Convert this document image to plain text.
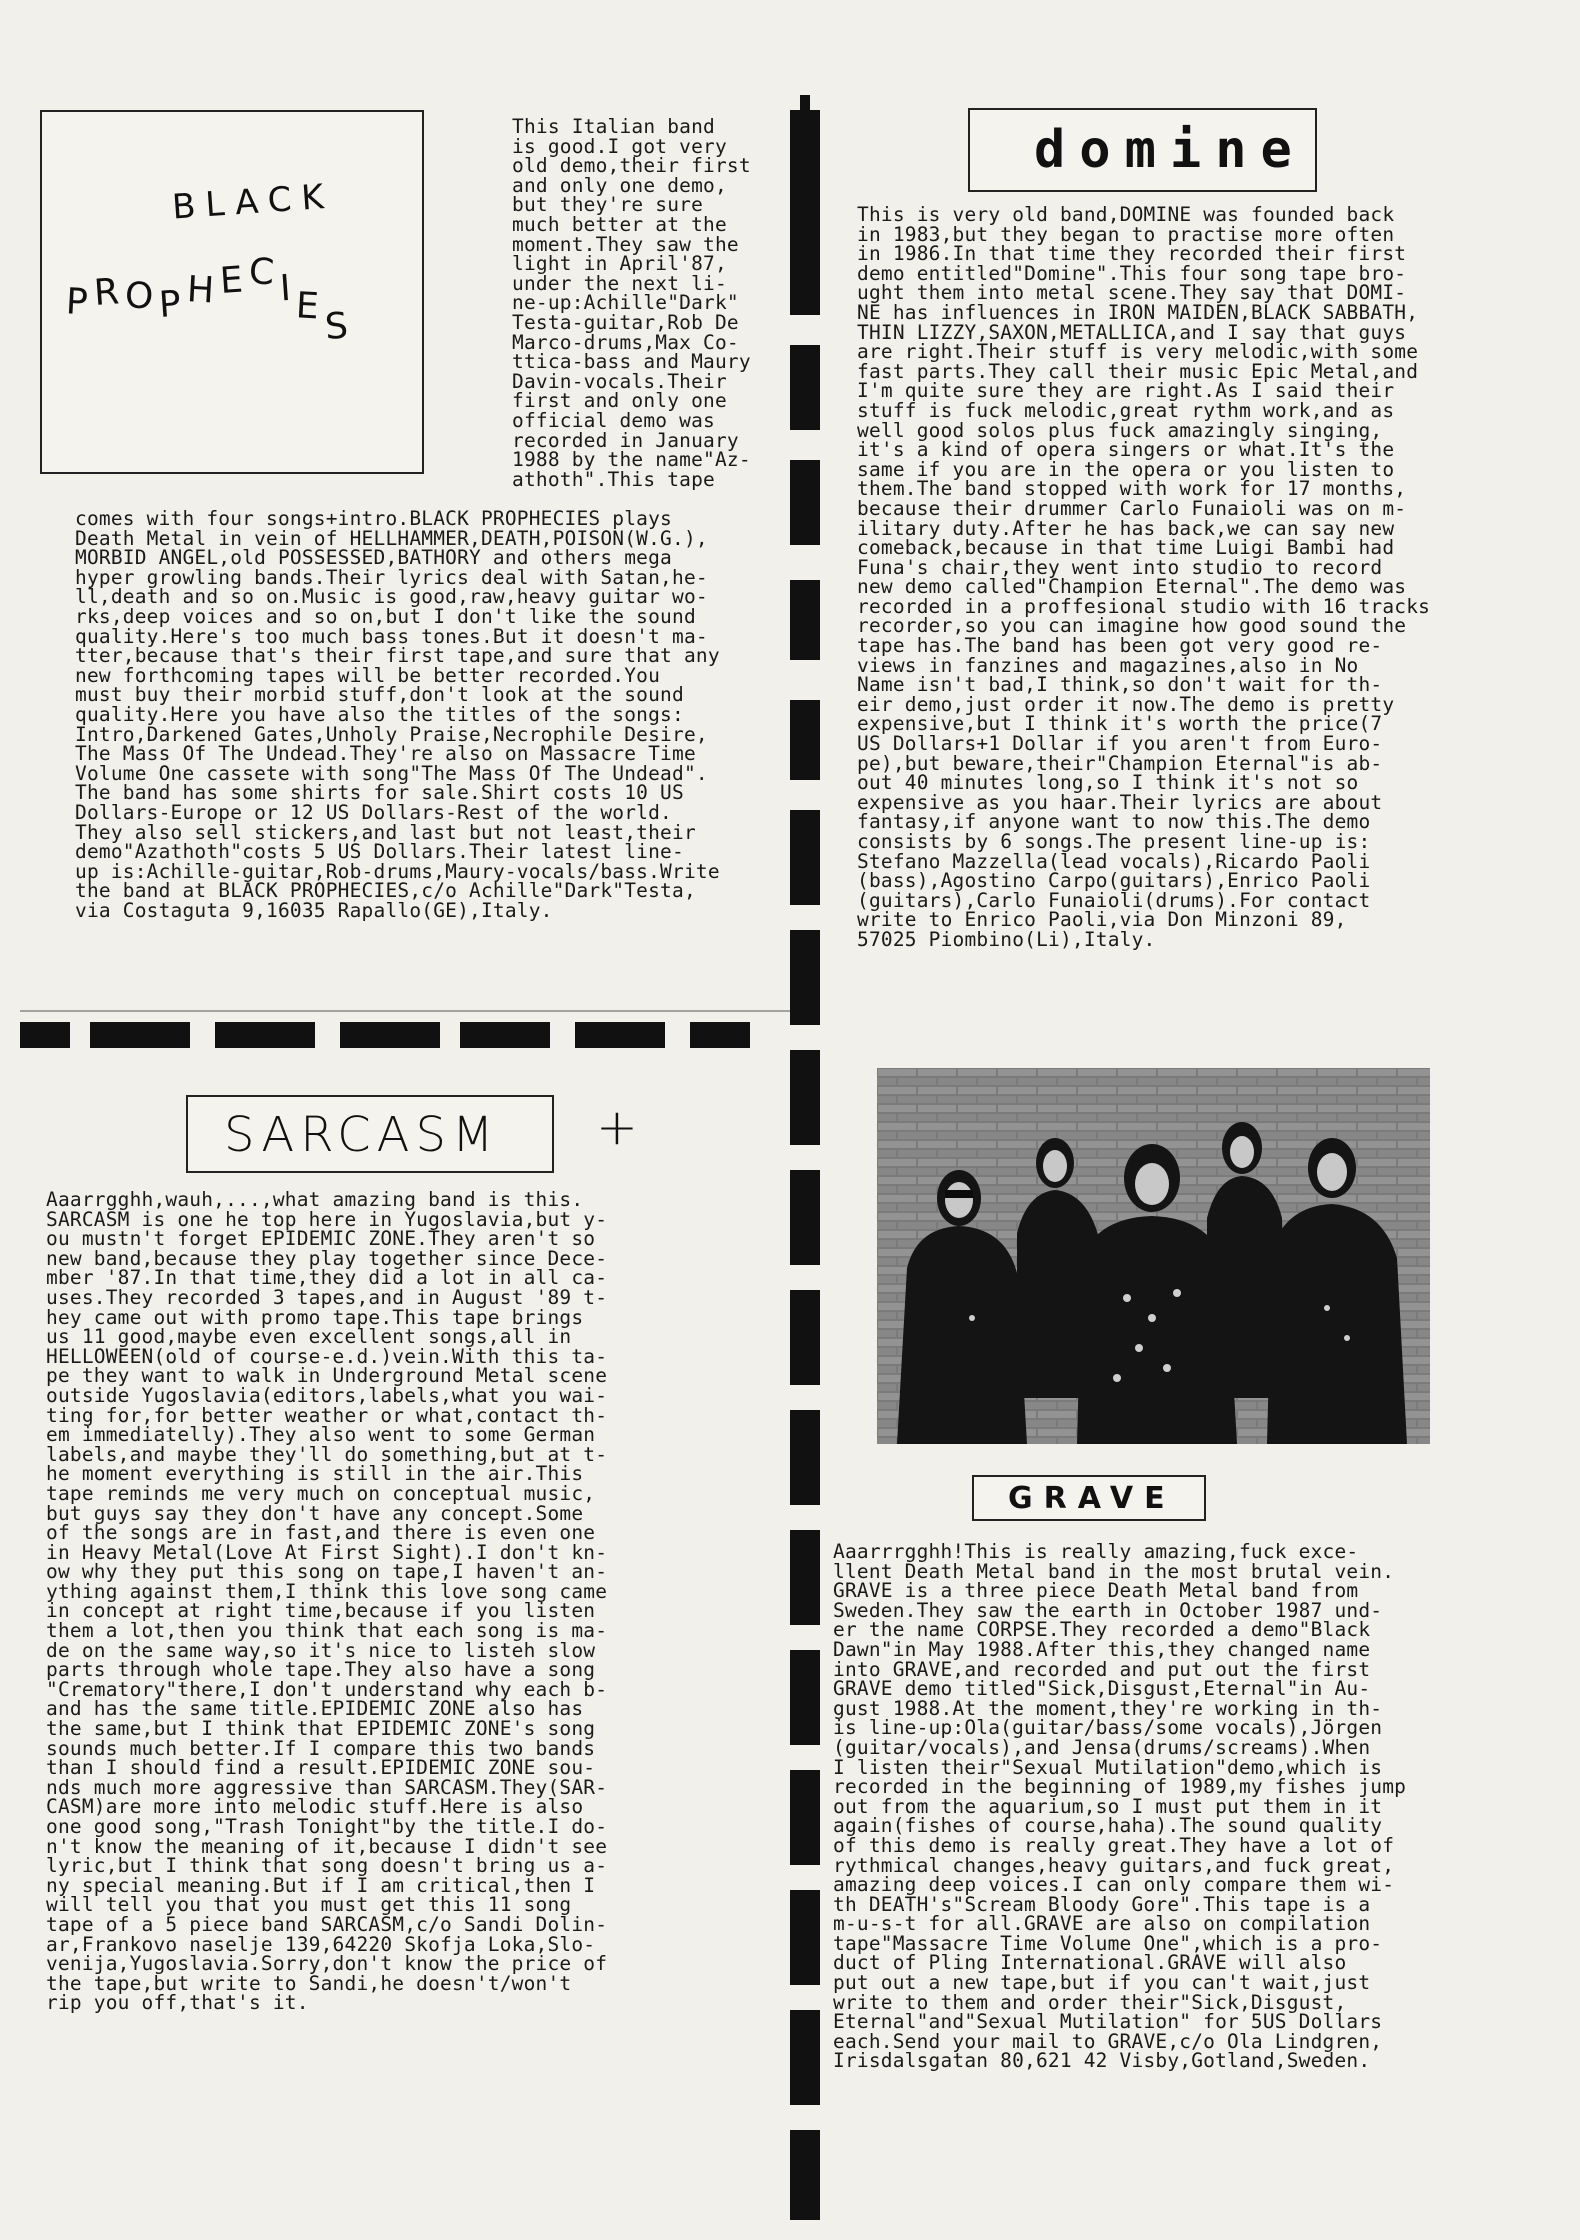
BLACK
PROPHECIES
This Italian band
is good.I got very
old demo,their first
and only one demo,
but they're sure
much better at the
moment.They saw the
light in April'87,
under the next li-
ne-up:Achille"Dark"
Testa-guitar,Rob De
Marco-drums,Max Co-
ttica-bass and Maury
Davin-vocals.Their
first and only one
official demo was
recorded in January
1988 by the name"Az-
athoth".This tape

comes with four songs+intro.BLACK PROPHECIES plays
Death Metal in vein of HELLHAMMER,DEATH,POISON(W.G.),
MORBID ANGEL,old POSSESSED,BATHORY and others mega
hyper growling bands.Their lyrics deal with Satan,he-
ll,death and so on.Music is good,raw,heavy guitar wo-
rks,deep voices and so on,but I don't like the sound
quality.Here's too much bass tones.But it doesn't ma-
tter,because that's their first tape,and sure that any
new forthcoming tapes will be better recorded.You
must buy their morbid stuff,don't look at the sound
quality.Here you have also the titles of the songs:
Intro,Darkened Gates,Unholy Praise,Necrophile Desire,
The Mass Of The Undead.They're also on Massacre Time
Volume One cassete with song"The Mass Of The Undead".
The band has some shirts for sale.Shirt costs 10 US
Dollars-Europe or 12 US Dollars-Rest of the world.
They also sell stickers,and last but not least,their
demo"Azathoth"costs 5 US Dollars.Their latest line-
up is:Achille-guitar,Rob-drums,Maury-vocals/bass.Write
the band at BLACK PROPHECIES,c/o Achille"Dark"Testa,
via Costaguta 9,16035 Rapallo(GE),Italy.

domine
This is very old band,DOMINE was founded back
in 1983,but they began to practise more often
in 1986.In that time they recorded their first
demo entitled"Domine".This four song tape bro-
ught them into metal scene.They say that DOMI-
NE has influences in IRON MAIDEN,BLACK SABBATH,
THIN LIZZY,SAXON,METALLICA,and I say that guys
are right.Their stuff is very melodic,with some
fast parts.They call their music Epic Metal,and
I'm quite sure they are right.As I said their
stuff is fuck melodic,great rythm work,and as
well good solos plus fuck amazingly singing,
it's a kind of opera singers or what.It's the
same if you are in the opera or you listen to
them.The band stopped with work for 17 months,
because their drummer Carlo Funaioli was on m-
ilitary duty.After he has back,we can say new
comeback,because in that time Luigi Bambi had
Funa's chair,they went into studio to record
new demo called"Champion Eternal".The demo was
recorded in a proffesional studio with 16 tracks
recorder,so you can imagine how good sound the
tape has.The band has been got very good re-
views in fanzines and magazines,also in No
Name isn't bad,I think,so don't wait for th-
eir demo,just order it now.The demo is pretty
expensive,but I think it's worth the price(7
US Dollars+1 Dollar if you aren't from Euro-
pe),but beware,their"Champion Eternal"is ab-
out 40 minutes long,so I think it's not so
expensive as you haar.Their lyrics are about
fantasy,if anyone want to now this.The demo
consists by 6 songs.The present line-up is:
Stefano Mazzella(lead vocals),Ricardo Paoli
(bass),Agostino Carpo(guitars),Enrico Paoli
(guitars),Carlo Funaioli(drums).For contact
write to Enrico Paoli,via Don Minzoni 89,
57025 Piombino(Li),Italy.

SARCASM +
Aaarrgghh,wauh,...,what amazing band is this.
SARCASM is one he top here in Yugoslavia,but y-
ou mustn't forget EPIDEMIC ZONE.They aren't so
new band,because they play together since Dece-
mber '87.In that time,they did a lot in all ca-
uses.They recorded 3 tapes,and in August '89 t-
hey came out with promo tape.This tape brings
us 11 good,maybe even excellent songs,all in
HELLOWEEN(old of course-e.d.)vein.With this ta-
pe they want to walk in Underground Metal scene
outside Yugoslavia(editors,labels,what you wai-
ting for,for better weather or what,contact th-
em immediatelly).They also went to some German
labels,and maybe they'll do something,but at t-
he moment everything is still in the air.This
tape reminds me very much on conceptual music,
but guys say they don't have any concept.Some
of the songs are in fast,and there is even one
in Heavy Metal(Love At First Sight).I don't kn-
ow why they put this song on tape,I haven't an-
ything against them,I think this love song came
in concept at right time,because if you listen
them a lot,then you think that each song is ma-
de on the same way,so it's nice to listeh slow
parts through whole tape.They also have a song
"Crematory"there,I don't understand why each b-
and has the same title.EPIDEMIC ZONE also has
the same,but I think that EPIDEMIC ZONE's song
sounds much better.If I compare this two bands
than I should find a result.EPIDEMIC ZONE sou-
nds much more aggressive than SARCASM.They(SAR-
CASM)are more into melodic stuff.Here is also
one good song,"Trash Tonight"by the title.I do-
n't know the meaning of it,because I didn't see
lyric,but I think that song doesn't bring us a-
ny special meaning.But if I am critical,then I
will tell you that you must get this 11 song
tape of a 5 piece band SARCASM,c/o Sandi Dolin-
ar,Frankovo naselje 139,64220 Skofja Loka,Slo-
venija,Yugoslavia.Sorry,don't know the price of
the tape,but write to Sandi,he doesn't/won't
rip you off,that's it.

GRAVE
Aaarrrgghh!This is really amazing,fuck exce-
llent Death Metal band in the most brutal vein.
GRAVE is a three piece Death Metal band from
Sweden.They saw the earth in October 1987 und-
er the name CORPSE.They recorded a demo"Black
Dawn"in May 1988.After this,they changed name
into GRAVE,and recorded and put out the first
GRAVE demo titled"Sick,Disgust,Eternal"in Au-
gust 1988.At the moment,they're working in th-
is line-up:Ola(guitar/bass/some vocals),Jörgen
(guitar/vocals),and Jensa(drums/screams).When
I listen their"Sexual Mutilation"demo,which is
recorded in the beginning of 1989,my fishes jump
out from the aquarium,so I must put them in it
again(fishes of course,haha).The sound quality
of this demo is really great.They have a lot of
rythmical changes,heavy guitars,and fuck great,
amazing deep voices.I can only compare them wi-
th DEATH's"Scream Bloody Gore".This tape is a
m-u-s-t for all.GRAVE are also on compilation
tape"Massacre Time Volume One",which is a pro-
duct of Pling International.GRAVE will also
put out a new tape,but if you can't wait,just
write to them and order their"Sick,Disgust,
Eternal"and"Sexual Mutilation" for 5US Dollars
each.Send your mail to GRAVE,c/o Ola Lindgren,
Irisdalsgatan 80,621 42 Visby,Gotland,Sweden.
